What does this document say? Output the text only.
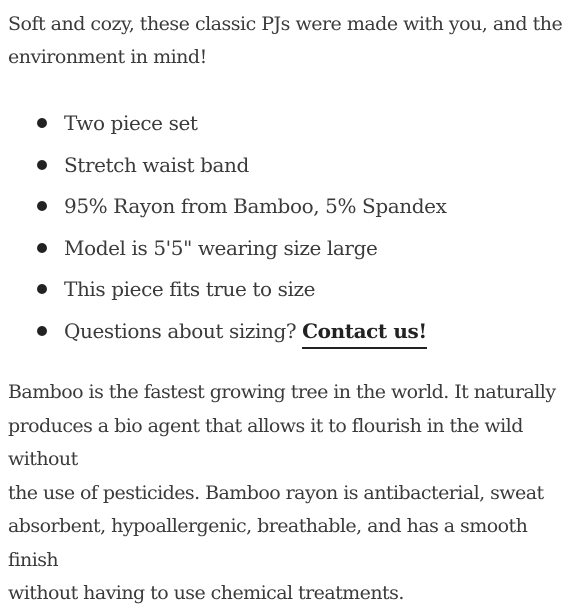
Soft and cozy, these classic PJs were made with you, and the
environment in mind!

Two piece set
Stretch waist band
95% Rayon from Bamboo, 5% Spandex
Model is 5'5" wearing size large
This piece fits true to size
Questions about sizing? Contact us!

Bamboo is the fastest growing tree in the world. It naturally
produces a bio agent that allows it to flourish in the wild without
the use of pesticides. Bamboo rayon is antibacterial, sweat
absorbent, hypoallergenic, breathable, and has a smooth finish
without having to use chemical treatments.
